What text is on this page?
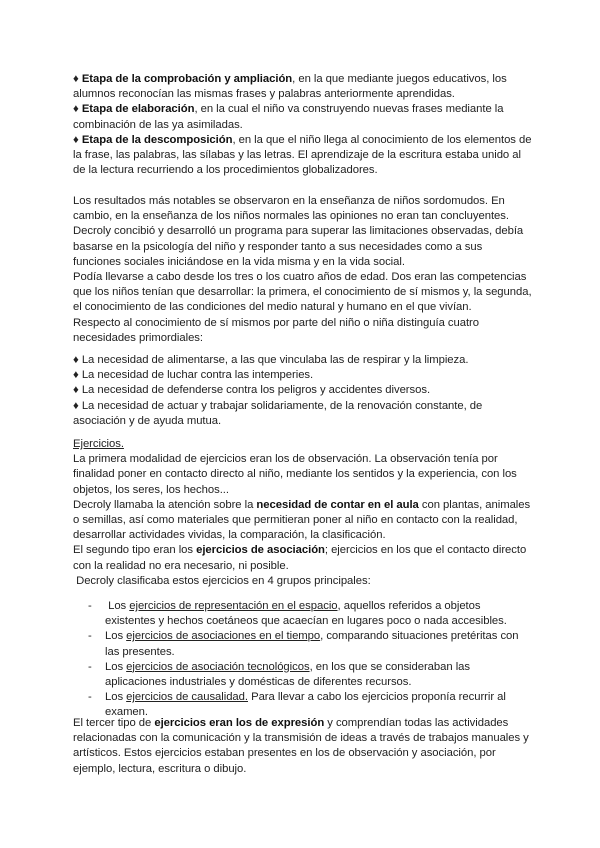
♦ Etapa de la comprobación y ampliación, en la que mediante juegos educativos, los alumnos reconocían las mismas frases y palabras anteriormente aprendidas.

♦ Etapa de elaboración, en la cual el niño va construyendo nuevas frases mediante la combinación de las ya asimiladas.

♦ Etapa de la descomposición, en la que el niño llega al conocimiento de los elementos de la frase, las palabras, las sílabas y las letras. El aprendizaje de la escritura estaba unido al de la lectura recurriendo a los procedimientos globalizadores.

Los resultados más notables se observaron en la enseñanza de niños sordomudos. En cambio, en la enseñanza de los niños normales las opiniones no eran tan concluyentes.

Decroly concibió y desarrolló un programa para superar las limitaciones observadas, debía basarse en la psicología del niño y responder tanto a sus necesidades como a sus funciones sociales iniciándose en la vida misma y en la vida social.

Podía llevarse a cabo desde los tres o los cuatro años de edad. Dos eran las competencias que los niños tenían que desarrollar: la primera, el conocimiento de sí mismos y, la segunda, el conocimiento de las condiciones del medio natural y humano en el que vivían.

Respecto al conocimiento de sí mismos por parte del niño o niña distinguía cuatro necesidades primordiales:

♦ La necesidad de alimentarse, a las que vinculaba las de respirar y la limpieza.

♦ La necesidad de luchar contra las intemperies.

♦ La necesidad de defenderse contra los peligros y accidentes diversos.

♦ La necesidad de actuar y trabajar solidariamente, de la renovación constante, de asociación y de ayuda mutua.

Ejercicios.

La primera modalidad de ejercicios eran los de observación. La observación tenía por finalidad poner en contacto directo al niño, mediante los sentidos y la experiencia, con los objetos, los seres, los hechos...

Decroly llamaba la atención sobre la necesidad de contar en el aula con plantas, animales o semillas, así como materiales que permitieran poner al niño en contacto con la realidad, desarrollar actividades vividas, la comparación, la clasificación.

El segundo tipo eran los ejercicios de asociación; ejercicios en los que el contacto directo con la realidad no era necesario, ni posible.

Decroly clasificaba estos ejercicios en 4 grupos principales:

- Los ejercicios de representación en el espacio, aquellos referidos a objetos existentes y hechos coetáneos que acaecían en lugares poco o nada accesibles.
- Los ejercicios de asociaciones en el tiempo, comparando situaciones pretéritas con las presentes.
- Los ejercicios de asociación tecnológicos, en los que se consideraban las aplicaciones industriales y domésticas de diferentes recursos.
- Los ejercicios de causalidad. Para llevar a cabo los ejercicios proponía recurrir al examen.

El tercer tipo de ejercicios eran los de expresión y comprendían todas las actividades relacionadas con la comunicación y la transmisión de ideas a través de trabajos manuales y artísticos. Estos ejercicios estaban presentes en los de observación y asociación, por ejemplo, lectura, escritura o dibujo.
